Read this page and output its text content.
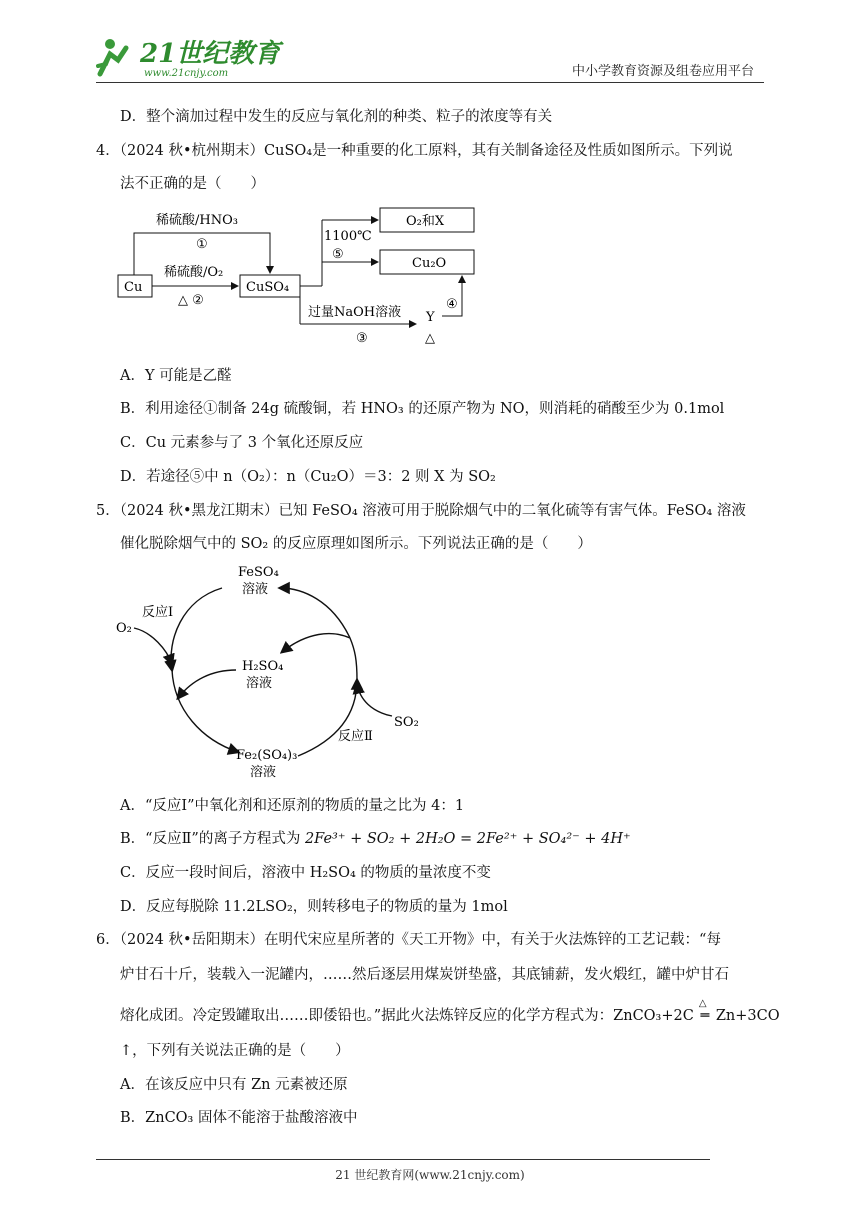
21世纪教育
www.21cnjy.com	中小学教育资源及组卷应用平台
D．整个滴加过程中发生的反应与氧化剂的种类、粒子的浓度等有关
4．（2024 秋•杭州期末）CuSO₄是一种重要的化工原料，其有关制备途径及性质如图所示。下列说
法不正确的是（　　）
Cu	CuSO₄
O₂和X
Cu₂O
稀硫酸/HNO₃
①
稀硫酸/O₂
△ ②
1100℃
⑤
过量NaOH溶液
③
Y
△
④
A．Y 可能是乙醛
B．利用途径①制备 24g 硫酸铜，若 HNO₃ 的还原产物为 NO，则消耗的硝酸至少为 0.1mol
C．Cu 元素参与了 3 个氧化还原反应
D．若途径⑤中 n（O₂）：n（Cu₂O）＝3：2 则 X 为 SO₂
5．（2024 秋•黑龙江期末）已知 FeSO₄ 溶液可用于脱除烟气中的二氧化硫等有害气体。FeSO₄ 溶液
催化脱除烟气中的 SO₂ 的反应原理如图所示。下列说法正确的是（　　）
FeSO₄
溶液
H₂SO₄
溶液
Fe₂(SO₄)₃
溶液
O₂
SO₂
反应Ⅰ
反应Ⅱ
A．“反应Ⅰ”中氧化剂和还原剂的物质的量之比为 4：1
B．“反应Ⅱ”的离子方程式为 2Fe³⁺ + SO₂ + 2H₂O = 2Fe²⁺ + SO₄²⁻ + 4H⁺
C．反应一段时间后，溶液中 H₂SO₄ 的物质的量浓度不变
D．反应每脱除 11.2LSO₂，则转移电子的物质的量为 1mol
6．（2024 秋•岳阳期末）在明代宋应星所著的《天工开物》中，有关于火法炼锌的工艺记载：“每
炉甘石十斤，装载入一泥罐内，……然后逐层用煤炭饼垫盛，其底铺薪，发火煅红，罐中炉甘石
熔化成团。冷定毁罐取出……即倭铅也。”据此火法炼锌反应的化学方程式为：ZnCO₃+2C
△
═ Zn+3CO
↑，下列有关说法正确的是（　　）
A．在该反应中只有 Zn 元素被还原
B．ZnCO₃ 固体不能溶于盐酸溶液中
21 世纪教育网(www.21cnjy.com)
